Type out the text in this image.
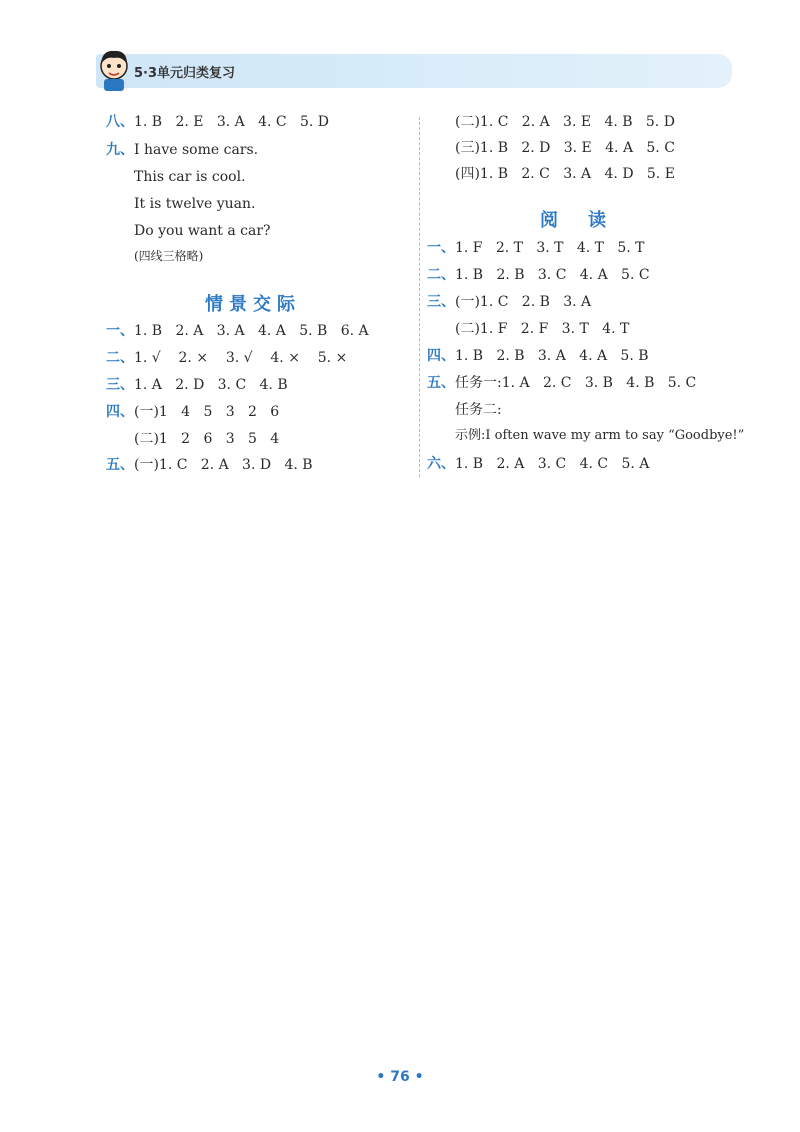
5·3单元归类复习
八、1. B   2. E   3. A   4. C   5. D
九、I have some cars.
This car is cool.
It is twelve yuan.
Do you want a car?
(四线三格略)
情景交际
一、1. B   2. A   3. A   4. A   5. B   6. A
二、1. √    2. ×    3. √    4. ×    5. ×
三、1. A   2. D   3. C   4. B
四、(一)1   4   5   3   2   6
(二)1   2   6   3   5   4
五、(一)1. C   2. A   3. D   4. B
(二)1. C   2. A   3. E   4. B   5. D
(三)1. B   2. D   3. E   4. A   5. C
(四)1. B   2. C   3. A   4. D   5. E
阅读
一、1. F   2. T   3. T   4. T   5. T
二、1. B   2. B   3. C   4. A   5. C
三、(一)1. C   2. B   3. A
(二)1. F   2. F   3. T   4. T
四、1. B   2. B   3. A   4. A   5. B
五、任务一:1. A   2. C   3. B   4. B   5. C
任务二:
示例:I often wave my arm to say “Goodbye!”
六、1. B   2. A   3. C   4. C   5. A
• 76 •
